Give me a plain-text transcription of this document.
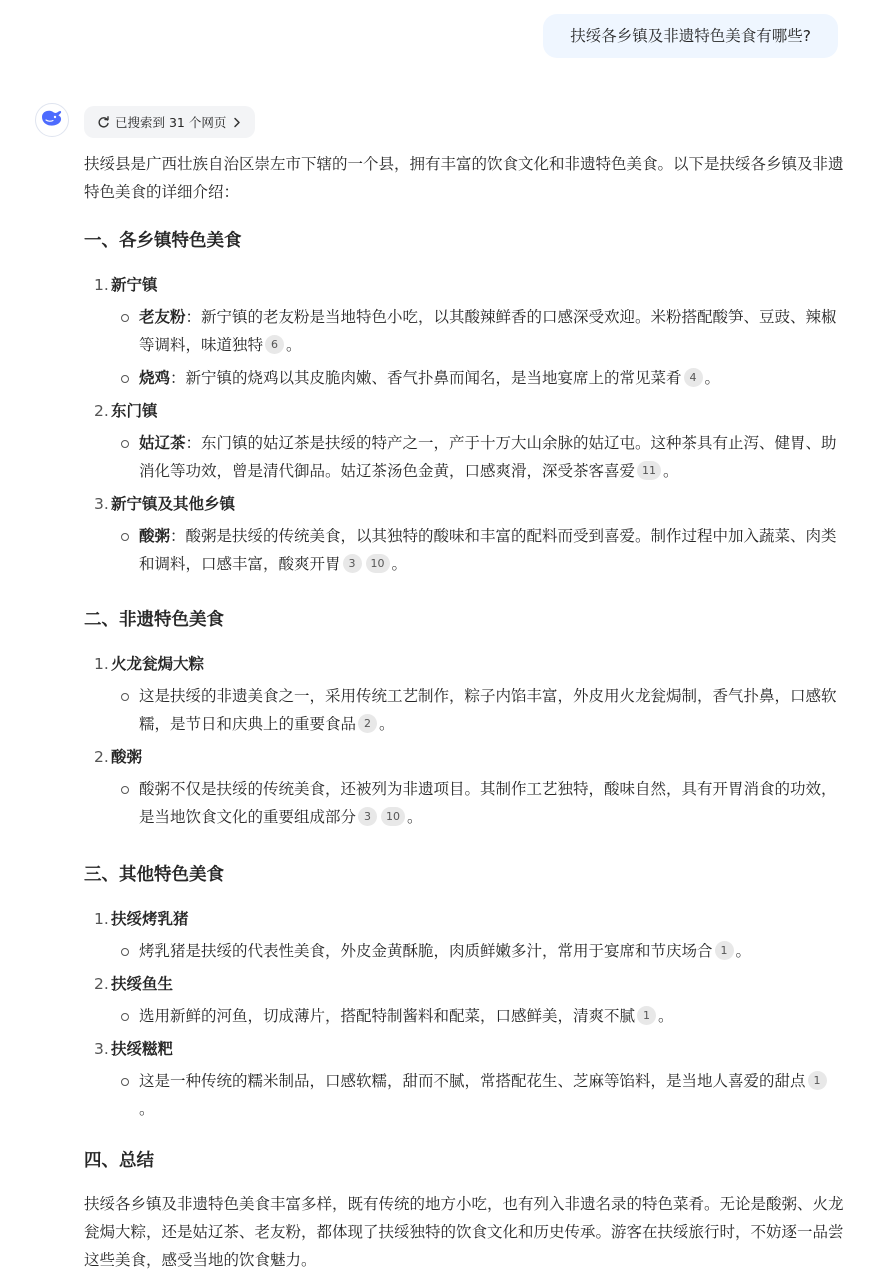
扶绥各乡镇及非遗特色美食有哪些?
已搜索到 31 个网页

扶绥县是广西壮族自治区崇左市下辖的一个县，拥有丰富的饮食文化和非遗特色美食。以下是扶绥各乡镇及非遗特色美食的详细介绍：

一、各乡镇特色美食
1. 新宁镇
老友粉：新宁镇的老友粉是当地特色小吃，以其酸辣鲜香的口感深受欢迎。米粉搭配酸笋、豆豉、辣椒等调料，味道独特 6 。
烧鸡：新宁镇的烧鸡以其皮脆肉嫩、香气扑鼻而闻名，是当地宴席上的常见菜肴 4 。
2. 东门镇
姑辽茶：东门镇的姑辽茶是扶绥的特产之一，产于十万大山余脉的姑辽屯。这种茶具有止泻、健胃、助消化等功效，曾是清代御品。姑辽茶汤色金黄，口感爽滑，深受茶客喜爱 11 。
3. 新宁镇及其他乡镇
酸粥：酸粥是扶绥的传统美食，以其独特的酸味和丰富的配料而受到喜爱。制作过程中加入蔬菜、肉类和调料，口感丰富，酸爽开胃 3 10 。
二、非遗特色美食
1. 火龙瓮焗大粽
这是扶绥的非遗美食之一，采用传统工艺制作，粽子内馅丰富，外皮用火龙瓮焗制，香气扑鼻，口感软糯，是节日和庆典上的重要食品 2 。
2. 酸粥
酸粥不仅是扶绥的传统美食，还被列为非遗项目。其制作工艺独特，酸味自然，具有开胃消食的功效，是当地饮食文化的重要组成部分 3 10 。
三、其他特色美食
1. 扶绥烤乳猪
烤乳猪是扶绥的代表性美食，外皮金黄酥脆，肉质鲜嫩多汁，常用于宴席和节庆场合 1 。
2. 扶绥鱼生
选用新鲜的河鱼，切成薄片，搭配特制酱料和配菜，口感鲜美，清爽不腻 1 。
3. 扶绥糍粑
这是一种传统的糯米制品，口感软糯，甜而不腻，常搭配花生、芝麻等馅料，是当地人喜爱的甜点 1。
四、总结

扶绥各乡镇及非遗特色美食丰富多样，既有传统的地方小吃，也有列入非遗名录的特色菜肴。无论是酸粥、火龙瓮焗大粽，还是姑辽茶、老友粉，都体现了扶绥独特的饮食文化和历史传承。游客在扶绥旅行时，不妨逐一品尝这些美食，感受当地的饮食魅力。
